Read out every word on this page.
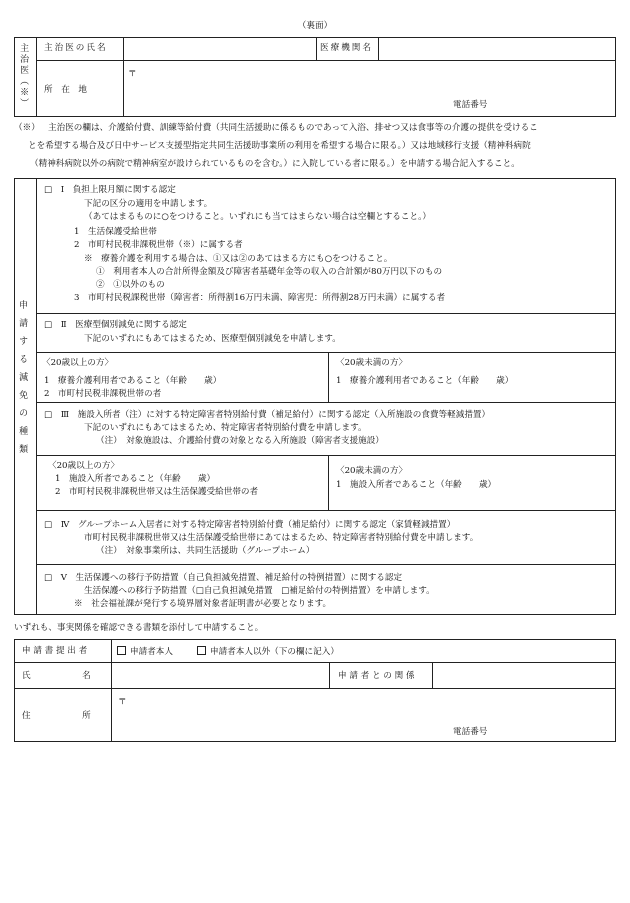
（裏面）
主治医（※） 主治医の氏名	医療機関名
所　在　地
〒
電話番号
（※） 主治医の欄は、介護給付費、訓練等給付費（共同生活援助に係るものであって入浴、排せつ又は食事等の介護の提供を受けるこ
とを希望する場合及び日中サービス支援型指定共同生活援助事業所の利用を希望する場合に限る。）又は地域移行支援（精神科病院
（精神科病院以外の病院で精神病室が設けられているものを含む。）に入院している者に限る。）を申請する場合記入すること。
申請する減免の種類
□　Ⅰ　負担上限月額に関する認定
下記の区分の適用を申請します。
（あてはまるものに○をつけること。いずれにも当てはまらない場合は空欄とすること。）
1　生活保護受給世帯
2　市町村民税非課税世帯（※）に属する者
※　療養介護を利用する場合は、①又は②のあてはまる方にも○をつけること。
①　利用者本人の合計所得金額及び障害者基礎年金等の収入の合計額が80万円以下のもの
②　①以外のもの
3　市町村民税課税世帯（障害者：所得割16万円未満、障害児：所得割28万円未満）に属する者
□　Ⅱ　医療型個別減免に関する認定
下記のいずれにもあてはまるため、医療型個別減免を申請します。
〈20歳以上の方〉
1　療養介護利用者であること（年齢　　歳）
2　市町村民税非課税世帯の者
〈20歳未満の方〉
1　療養介護利用者であること（年齢　　歳）
□　Ⅲ　施設入所者（注）に対する特定障害者特別給付費（補足給付）に関する認定（入所施設の食費等軽減措置）
下記のいずれにもあてはまるため、特定障害者特別給付費を申請します。
（注）　対象施設は、介護給付費の対象となる入所施設（障害者支援施設）
〈20歳以上の方〉
1　施設入所者であること（年齢　　歳）
2　市町村民税非課税世帯又は生活保護受給世帯の者
〈20歳未満の方〉
1　施設入所者であること（年齢　　歳）
□　Ⅳ　グループホーム入居者に対する特定障害者特別給付費（補足給付）に関する認定（家賃軽減措置）
市町村民税非課税世帯又は生活保護受給世帯にあてはまるため、特定障害者特別給付費を申請します。
（注）　対象事業所は、共同生活援助（グループホーム）
□　Ⅴ　生活保護への移行予防措置（自己負担減免措置、補足給付の特例措置）に関する認定
生活保護への移行予防措置（□自己負担減免措置　□補足給付の特例措置）を申請します。
※　社会福祉課が発行する境界層対象者証明書が必要となります。
いずれも、事実関係を確認できる書類を添付して申請すること。
申 請 書 提 出 者	申請者本人	申請者本人以外（下の欄に記入）
氏　　　　　　名	申 請 者 と の 関 係
住　　　　　　所
〒
電話番号
